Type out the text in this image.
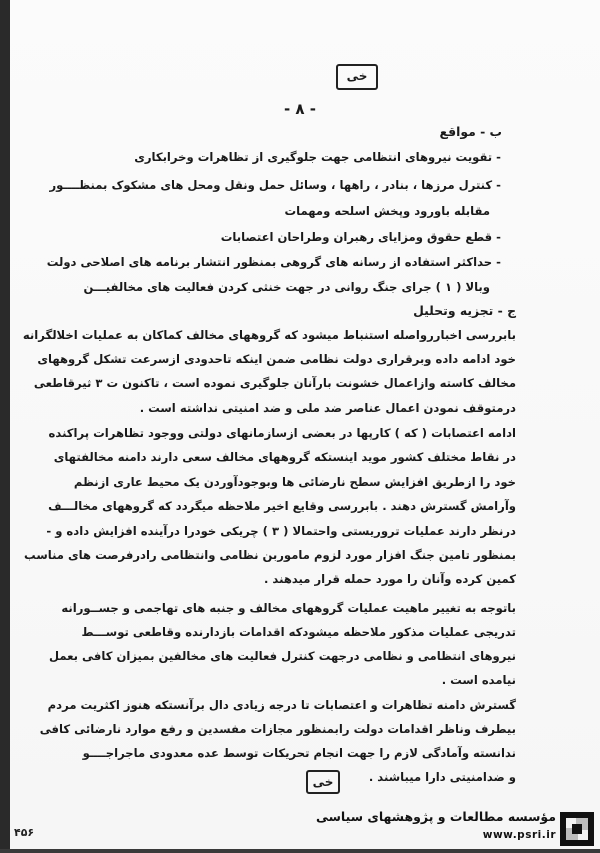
خی
- ۸ -
ب - مواقع
- تقویت نیروهای انتظامی جهت جلوگیری از تظاهرات وخرابکاری
- کنترل مرزها ، بنادر ، راهها ، وسائل حمل ونقل ومحل های مشکوک بمنظــــور
مقابله باورود وپخش اسلحه ومهمات
- قطع حقوق ومزایای رهبران وطراحان اعتصابات
- حداکثر استفاده از رسانه های گروهی بمنظور انتشار برنامه های اصلاحی دولت
وبالا ( ۱ ) جراى جنگ روانی در جهت خنثی کردن فعالیت های مخالفیـــن
ج - تجزیه وتحلیل
بابررسی اخباررواصله استنباط میشود که گروههای مخالف کماکان به عملیات اخلالگرانه
خود ادامه داده وبرقراری دولت نظامی ضمن اینکه تاحدودی ازسرعت تشکل گروههای
مخالف کاسته وازاعمال خشونت بارآنان جلوگیری نموده است ، تاکنون ت ۳ ثیرقاطعی
درمتوقف نمودن اعمال عناصر ضد ملی و ضد امنیتی نداشته است .
ادامه اعتصابات ( که ) کارپها در بعضی ازسازمانهای دولتی ووجود تظاهرات پراکنده
در نقاط مختلف کشور موید اینستکه گروههای مخالف سعی دارند دامنه مخالفتهای
خود را ازطریق افزایش سطح نارضائی ها وبوجودآوردن یک محیط عاری ازنظم
وآرامش گسترش دهند . بابررسی وقایع اخیر ملاحظه میگردد که گروههای مخالـــف
درنظر دارند عملیات تروریستی واحتمالا ( ۳ ) چریکی خودرا درآینده افزایش داده و -
بمنظور تامین جنگ افزار مورد لزوم ماموربن نظامی وانتظامی رادرفرصت های مناسب
کمین کرده وآنان را مورد حمله قرار میدهند .
باتوجه به تغییر ماهیت عملیات گروههای مخالف و جنبه های تهاجمی و جســورانه
تدریجی عملیات مذکور ملاحظه میشودکه اقدامات بازدارنده وقاطعی توســـط
نیروهای انتظامی و نظامی درجهت کنترل فعالیت های مخالفین بمیزان کافی بعمل
نیامده است .
گسترش دامنه تظاهرات و اعتصابات تا درجه زیادی دال برآنستکه هنوز اکثریت مردم
بیطرف وناظر اقدامات دولت رابمنظور مجازات مفسدین و رفع موارد نارضائی کافی
ندانسته وآمادگی لازم را جهت انجام تحریکات توسط عده معدودی ماجراجــــو
و ضدامنیتی دارا میباشند .
خی
۴۵۶
مؤسسه مطالعات و پژوهشهای سیاسی
www.psri.ir
